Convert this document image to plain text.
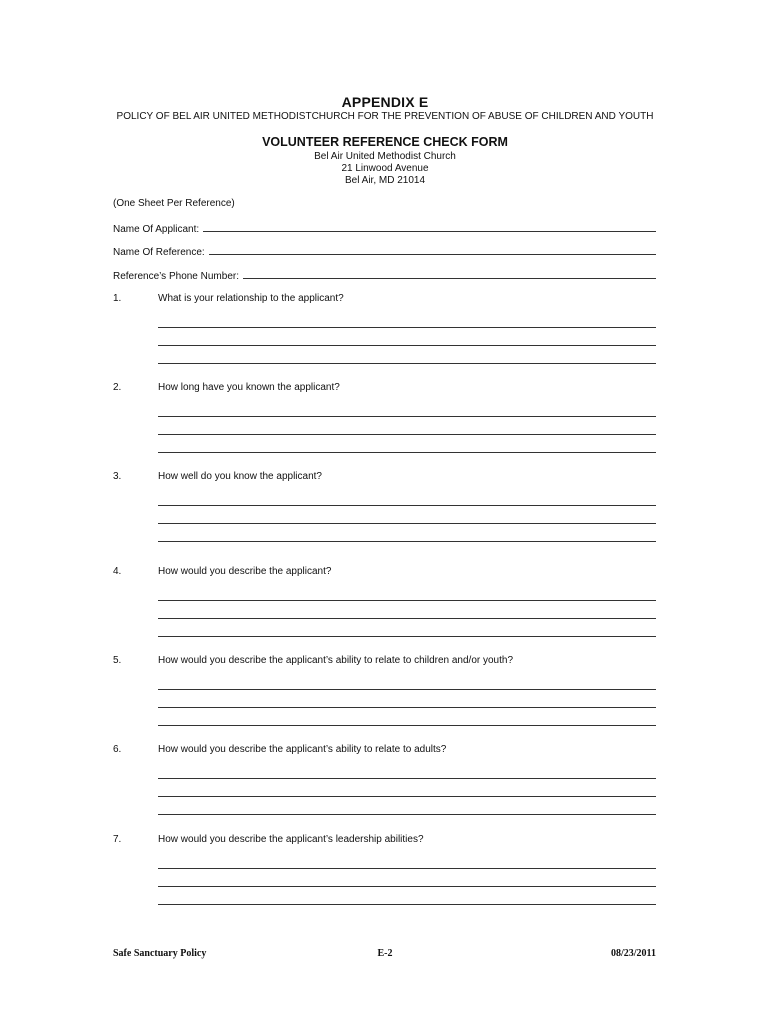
APPENDIX E
POLICY OF BEL AIR UNITED METHODISTCHURCH FOR THE PREVENTION OF ABUSE OF CHILDREN AND YOUTH
VOLUNTEER REFERENCE CHECK FORM
Bel Air United Methodist Church
21 Linwood Avenue
Bel Air, MD 21014
(One Sheet Per Reference)
Name Of Applicant:
Name Of Reference:
Reference’s Phone Number:
1.	What is your relationship to the applicant?
2.	How long have you known the applicant?
3.	How well do you know the applicant?
4.	How would you describe the applicant?
5.	How would you describe the applicant’s ability to relate to children and/or youth?
6.	How would you describe the applicant’s ability to relate to adults?
7.	How would you describe the applicant’s leadership abilities?
Safe Sanctuary Policy	E-2	08/23/2011
